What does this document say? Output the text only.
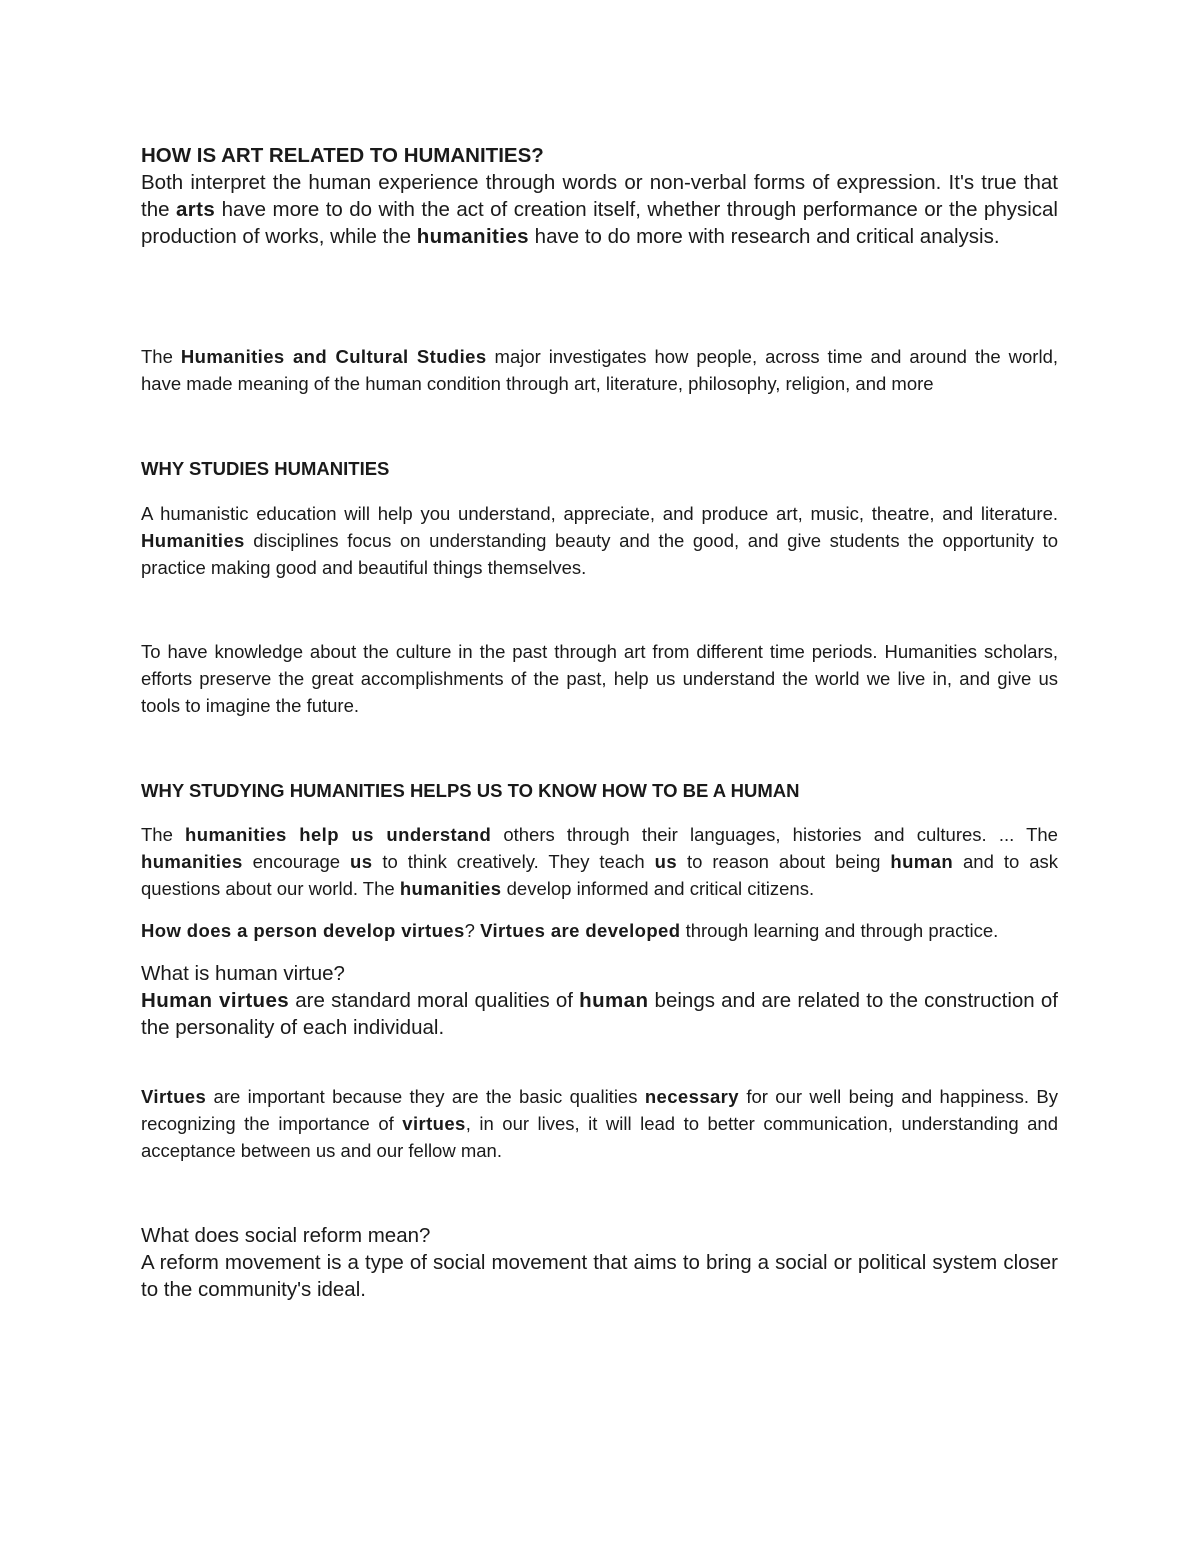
HOW IS ART RELATED TO HUMANITIES?
Both interpret the human experience through words or non-verbal forms of expression. It's true that the arts have more to do with the act of creation itself, whether through performance or the physical production of works, while the humanities have to do more with research and critical analysis.
The Humanities and Cultural Studies major investigates how people, across time and around the world, have made meaning of the human condition through art, literature, philosophy, religion, and more
WHY STUDIES HUMANITIES
A humanistic education will help you understand, appreciate, and produce art, music, theatre, and literature. Humanities disciplines focus on understanding beauty and the good, and give students the opportunity to practice making good and beautiful things themselves.
To have knowledge about the culture in the past through art from different time periods. Humanities scholars, efforts preserve the great accomplishments of the past, help us understand the world we live in, and give us tools to imagine the future.
WHY STUDYING HUMANITIES HELPS US TO KNOW HOW TO BE A HUMAN
The humanities help us understand others through their languages, histories and cultures. ... The humanities encourage us to think creatively. They teach us to reason about being human and to ask questions about our world. The humanities develop informed and critical citizens.
How does a person develop virtues? Virtues are developed through learning and through practice.
What is human virtue?
Human virtues are standard moral qualities of human beings and are related to the construction of the personality of each individual.
Virtues are important because they are the basic qualities necessary for our well being and happiness. By recognizing the importance of virtues, in our lives, it will lead to better communication, understanding and acceptance between us and our fellow man.
What does social reform mean?
A reform movement is a type of social movement that aims to bring a social or political system closer to the community's ideal.
